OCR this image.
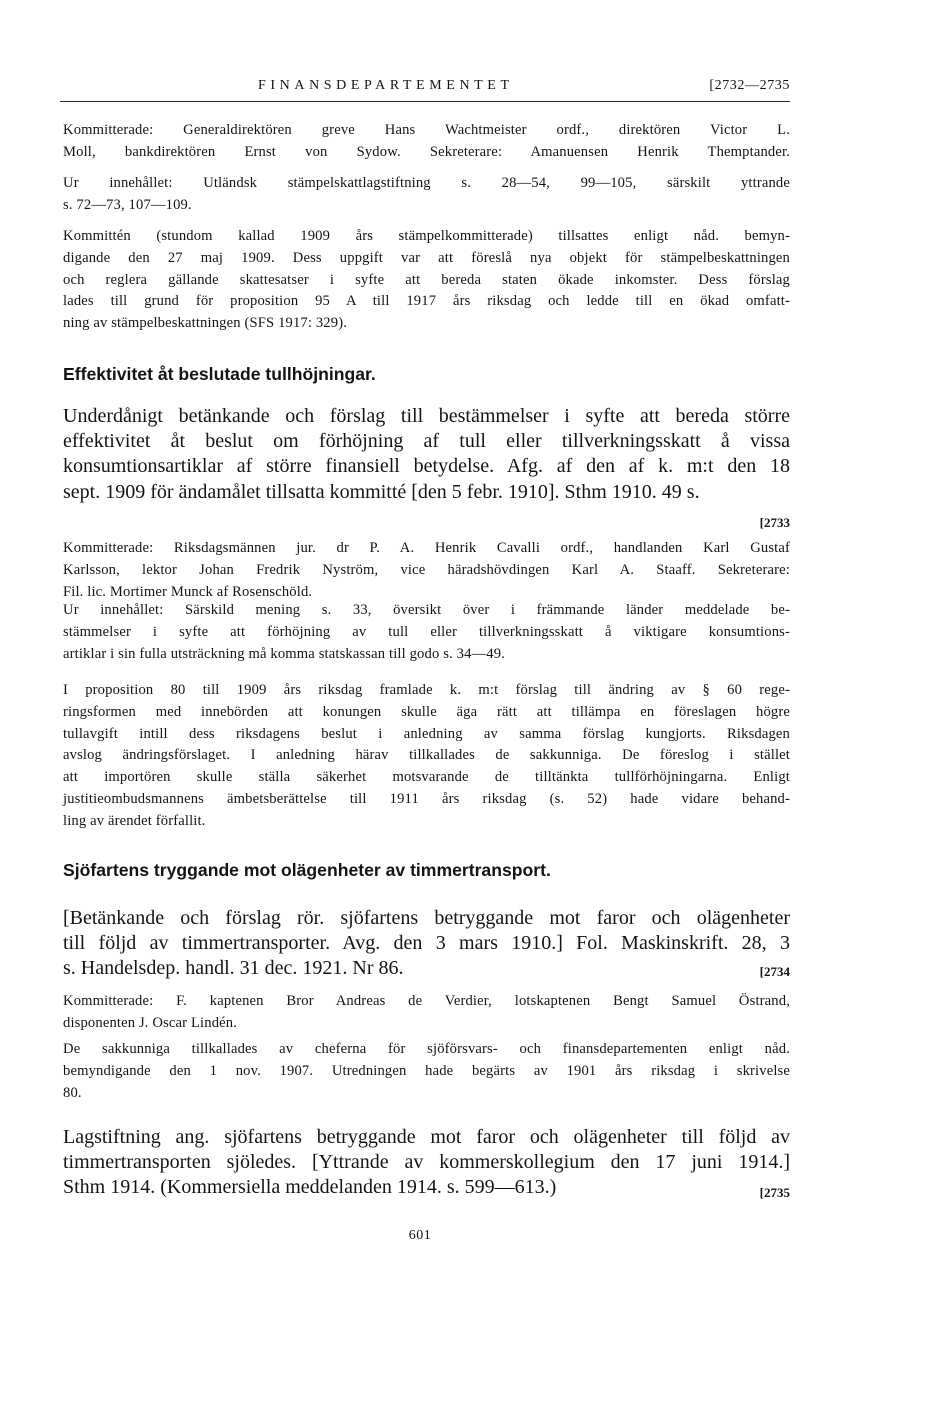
FINANSDEPARTEMENTET	[2732—2735
Kommitterade: Generaldirektören greve Hans Wachtmeister ordf., direktören Victor L.
Moll, bankdirektören Ernst von Sydow. Sekreterare: Amanuensen Henrik Themptander.
Ur innehållet: Utländsk stämpelskattlagstiftning s. 28—54, 99—105, särskilt yttrande
s. 72—73, 107—109.
Kommittén (stundom kallad 1909 års stämpelkommitterade) tillsattes enligt nåd. bemyn-
digande den 27 maj 1909. Dess uppgift var att föreslå nya objekt för stämpelbeskattningen
och reglera gällande skattesatser i syfte att bereda staten ökade inkomster. Dess förslag
lades till grund för proposition 95 A till 1917 års riksdag och ledde till en ökad omfatt-
ning av stämpelbeskattningen (SFS 1917: 329).
Effektivitet åt beslutade tullhöjningar.
Underdånigt betänkande och förslag till bestämmelser i syfte att bereda större
effektivitet åt beslut om förhöjning af tull eller tillverkningsskatt å vissa
konsumtionsartiklar af större finansiell betydelse. Afg. af den af k. m:t den 18
sept. 1909 för ändamålet tillsatta kommitté [den 5 febr. 1910]. Sthm 1910. 49 s.
[2733
Kommitterade: Riksdagsmännen jur. dr P. A. Henrik Cavalli ordf., handlanden Karl Gustaf
Karlsson, lektor Johan Fredrik Nyström, vice häradshövdingen Karl A. Staaff. Sekreterare:
Fil. lic. Mortimer Munck af Rosenschöld.
Ur innehållet: Särskild mening s. 33, översikt över i främmande länder meddelade be-
stämmelser i syfte att förhöjning av tull eller tillverkningsskatt å viktigare konsumtions-
artiklar i sin fulla utsträckning må komma statskassan till godo s. 34—49.
I proposition 80 till 1909 års riksdag framlade k. m:t förslag till ändring av § 60 rege-
ringsformen med innebörden att konungen skulle äga rätt att tillämpa en föreslagen högre
tullavgift intill dess riksdagens beslut i anledning av samma förslag kungjorts. Riksdagen
avslog ändringsförslaget. I anledning härav tillkallades de sakkunniga. De föreslog i stället
att importören skulle ställa säkerhet motsvarande de tilltänkta tullförhöjningarna. Enligt
justitieombudsmannens ämbetsberättelse till 1911 års riksdag (s. 52) hade vidare behand-
ling av ärendet förfallit.
Sjöfartens tryggande mot olägenheter av timmertransport.
[Betänkande och förslag rör. sjöfartens betryggande mot faror och olägenheter
till följd av timmertransporter. Avg. den 3 mars 1910.] Fol. Maskinskrift. 28, 3
s. Handelsdep. handl. 31 dec. 1921. Nr 86.	[2734
Kommitterade: F. kaptenen Bror Andreas de Verdier, lotskaptenen Bengt Samuel Östrand,
disponenten J. Oscar Lindén.
De sakkunniga tillkallades av cheferna för sjöförsvars- och finansdepartementen enligt nåd.
bemyndigande den 1 nov. 1907. Utredningen hade begärts av 1901 års riksdag i skrivelse
80.
Lagstiftning ang. sjöfartens betryggande mot faror och olägenheter till följd av
timmertransporten sjöledes. [Yttrande av kommerskollegium den 17 juni 1914.]
Sthm 1914. (Kommersiella meddelanden 1914. s. 599—613.)	[2735
601
